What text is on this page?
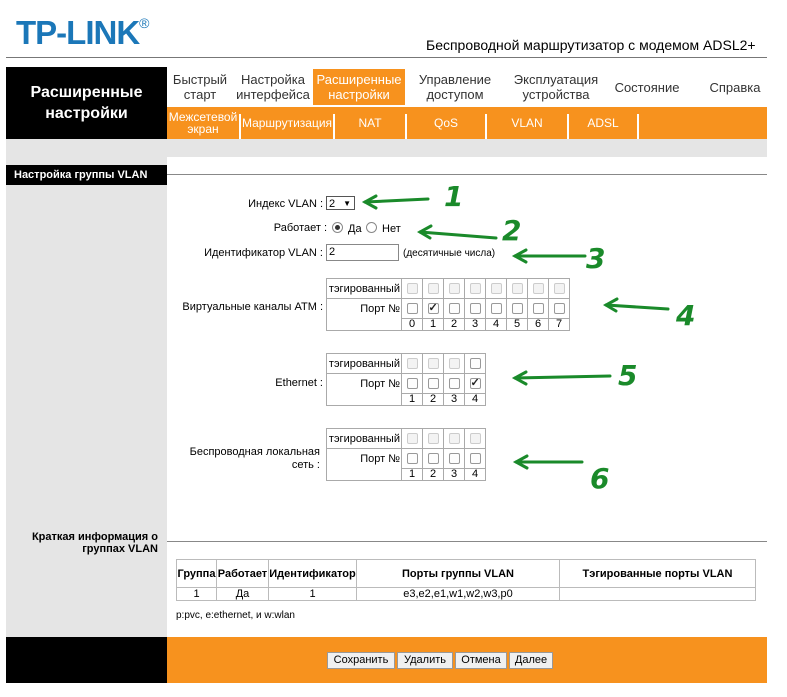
TP-LINK®
Беспроводной маршрутизатор с модемом ADSL2+
Расширенные настройки
Быстрый старт
Настройка интерфейса
Расширенные настройки
Управление доступом
Эксплуатация устройства	Состояние Справка
Межсетевой экран	Маршрутизация NAT	QoS	VLAN	ADSL
Настройка группы VLAN
Индекс VLAN : 2 ▼
Работает : Да Нет
Идентификатор VLAN : 2	(десятичные числа)
Виртуальные каналы ATM :
тэгированный								
Порт №		✓						
	0	1	2	3	4	5	6	7
Ethernet :
тэгированный				
Порт №				✓
	1	2	3	4
Беспроводная локальная сеть :
тэгированный				
Порт №				
	1	2	3	4
Краткая информация о группах VLAN
Группа	Работает	Идентификатор	Порты группы VLAN	Тэгированные порты VLAN
1	Да	1	e3,e2,e1,w1,w2,w3,p0	
p:pvc, e:ethernet, и w:wlan
Сохранить	Удалить	Отмена	Далее
1
2
3
4
5
6
